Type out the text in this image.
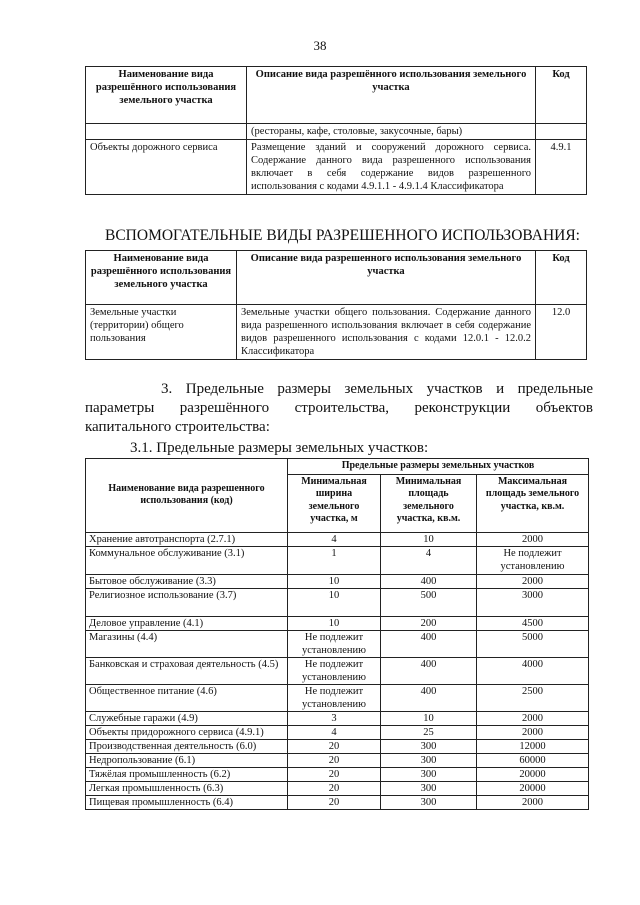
38
Наименование вида разрешённого использования земельного участка	Описание вида разрешённого использования земельного участка	Код
	(рестораны, кафе, столовые, закусочные, бары)	
Объекты дорожного сервиса	Размещение зданий и сооружений дорожного сервиса. Содержание данного вида разрешенного использования включает в себя содержание видов разрешенного использования с кодами 4.9.1.1 - 4.9.1.4 Классификатора	4.9.1
ВСПОМОГАТЕЛЬНЫЕ ВИДЫ РАЗРЕШЕННОГО ИСПОЛЬЗОВАНИЯ:
Наименование вида разрешённого использования земельного участка	Описание вида разрешенного использования земельного участка	Код
Земельные участки (территории) общего пользования	Земельные участки общего пользования. Содержание данного вида разрешенного использования включает в себя содержание видов разрешенного использования с кодами 12.0.1 - 12.0.2 Классификатора	12.0
3. Предельные размеры земельных участков и предельные параметры разрешённого строительства, реконструкции объектов капитального строительства:
3.1. Предельные размеры земельных участков:
Наименование вида разрешенного использования (код)	Предельные размеры земельных участков		
	Минимальная ширина земельного участка, м	Минимальная площадь земельного участка, кв.м.	Максимальная площадь земельного участка, кв.м.
Хранение автотранспорта (2.7.1)	4	10	2000
Коммунальное обслуживание (3.1)	1	4	Не подлежит установлению
Бытовое обслуживание (3.3)	10	400	2000
Религиозное использование (3.7)	10	500	3000
Деловое управление (4.1)	10	200	4500
Магазины (4.4)	Не подлежит установлению	400	5000
Банковская и страховая деятельность (4.5)	Не подлежит установлению	400	4000
Общественное питание (4.6)	Не подлежит установлению	400	2500
Служебные гаражи (4.9)	3	10	2000
Объекты придорожного сервиса (4.9.1)	4	25	2000
Производственная деятельность (6.0)	20	300	12000
Недропользование (6.1)	20	300	60000
Тяжёлая промышленность (6.2)	20	300	20000
Легкая промышленность (6.3)	20	300	20000
Пищевая промышленность (6.4)	20	300	2000
